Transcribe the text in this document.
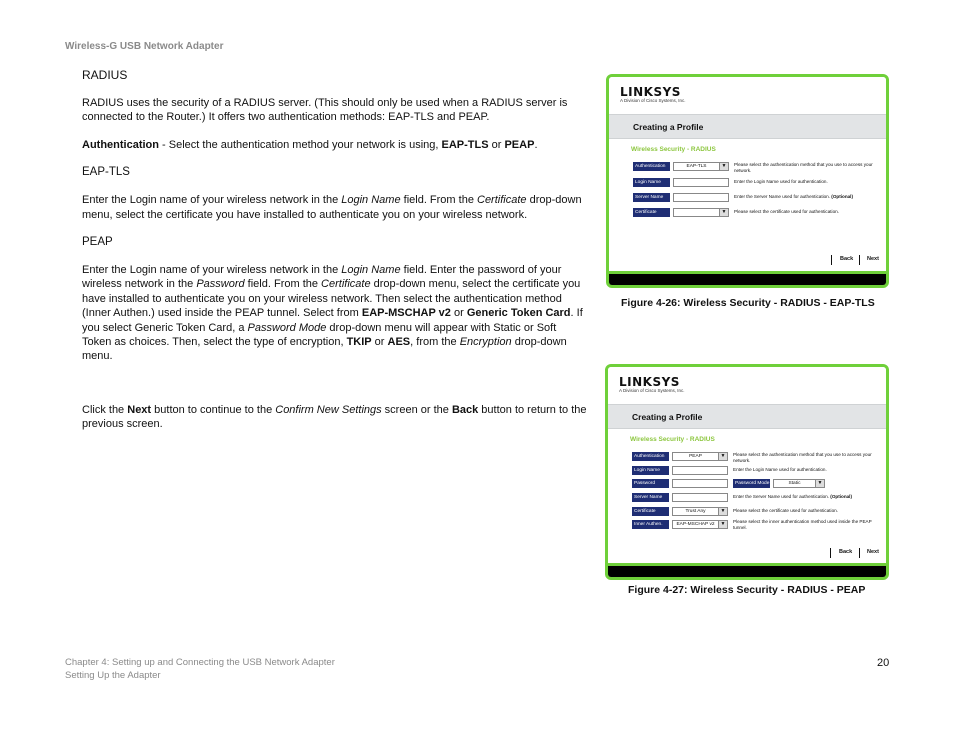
Wireless-G USB Network Adapter
RADIUS

RADIUS uses the security of a RADIUS server. (This should only be used when a RADIUS server is connected to the Router.) It offers two authentication methods: EAP-TLS and PEAP.

Authentication - Select the authentication method your network is using, EAP-TLS or PEAP.

EAP-TLS

Enter the Login name of your wireless network in the Login Name field. From the Certificate drop-down menu, select the certificate you have installed to authenticate you on your wireless network.

PEAP

Enter the Login name of your wireless network in the Login Name field. Enter the password of your wireless network in the Password field. From the Certificate drop-down menu, select the certificate you have installed to authenticate you on your wireless network. Then select the authentication method (Inner Authen.) used inside the PEAP tunnel. Select from EAP-MSCHAP v2 or Generic Token Card. If you select Generic Token Card, a Password Mode drop-down menu will appear with Static or Soft Token as choices. Then, select the type of encryption, TKIP or AES, from the Encryption drop-down menu.

Click the Next button to continue to the Confirm New Settings screen or the Back button to return to the previous screen.

LINKSYS
A Division of Cisco Systems, Inc.
Creating a Profile
Wireless Security - RADIUS
Authentication	EAP-TLS	▼	Please select the authentication method that you use to access your network.
Login Name	Enter the Login Name used for authentication.
Server Name	Enter the Server Name used for authentication. (Optional)
Certificate	▼	Please select the certificate used for authentication.
Back	Next
Figure 4-26: Wireless Security - RADIUS - EAP-TLS
LINKSYS
A Division of Cisco Systems, Inc.
Creating a Profile
Wireless Security - RADIUS
Authentication	PEAP	▼	Please select the authentication method that you use to access your network.
Login Name	Enter the Login Name used for authentication.
Password	Password Mode	Static	▼
Server Name	Enter the Server Name used for authentication. (Optional)
Certificate	Trust Any	▼	Please select the certificate used for authentication.
Inner Authen.	EAP-MSCHAP v2	▼	Please select the inner authentication method used inside the PEAP tunnel.
Back	Next
Figure 4-27: Wireless Security - RADIUS - PEAP
Chapter 4: Setting up and Connecting the USB Network Adapter
Setting Up the Adapter
20
